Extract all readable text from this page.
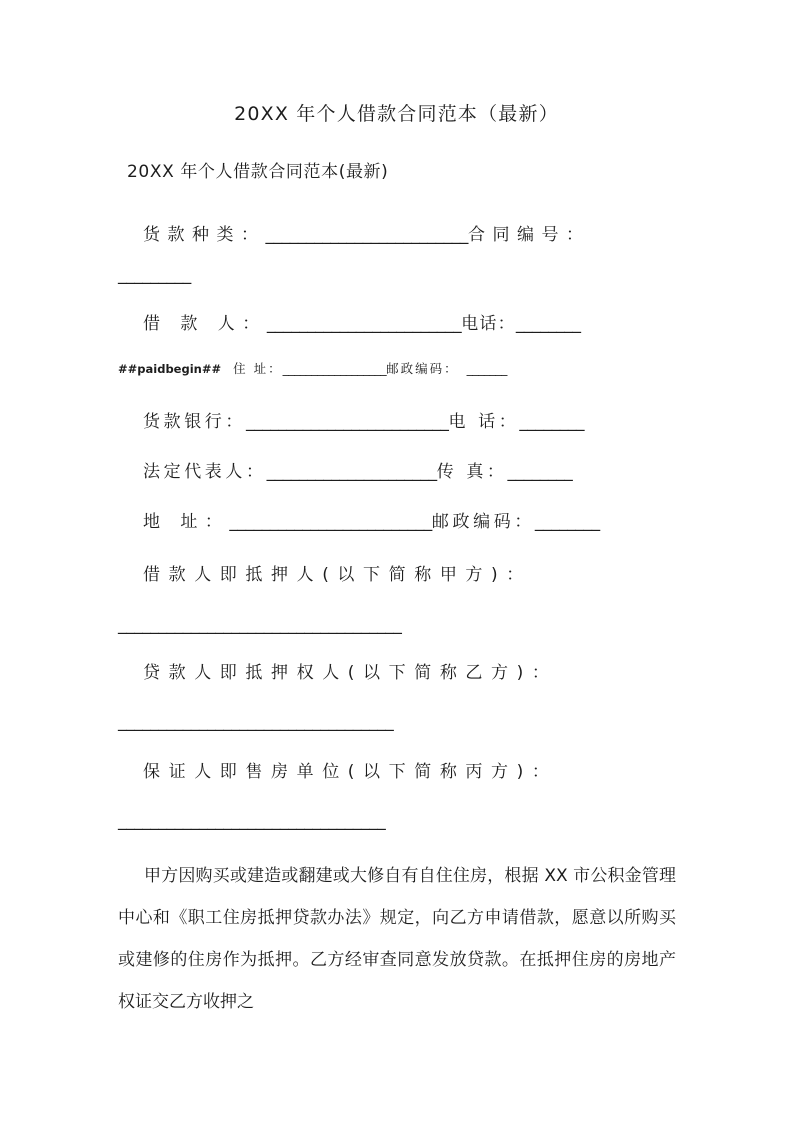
20XX 年个人借款合同范本（最新）
20XX 年个人借款合同范本(最新)
货款种类：_________________________合同编号：
_________
借 款 人：________________________电话：________
##paidbegin## 住 址：__________________邮政编码： _______
货款银行：_________________________电 话：________
法定代表人：_____________________传 真：________
地 址：_________________________邮政编码：________
借款人即抵押人(以下简称甲方)：
___________________________________
贷款人即抵押权人(以下简称乙方)：
__________________________________
保证人即售房单位(以下简称丙方)：
_________________________________
甲方因购买或建造或翻建或大修自有自住住房，根据 XX 市公积金管理中心和《职工住房抵押贷款办法》规定，向乙方申请借款，愿意以所购买或建修的住房作为抵押。乙方经审查同意发放贷款。在抵押住房的房地产权证交乙方收押之
